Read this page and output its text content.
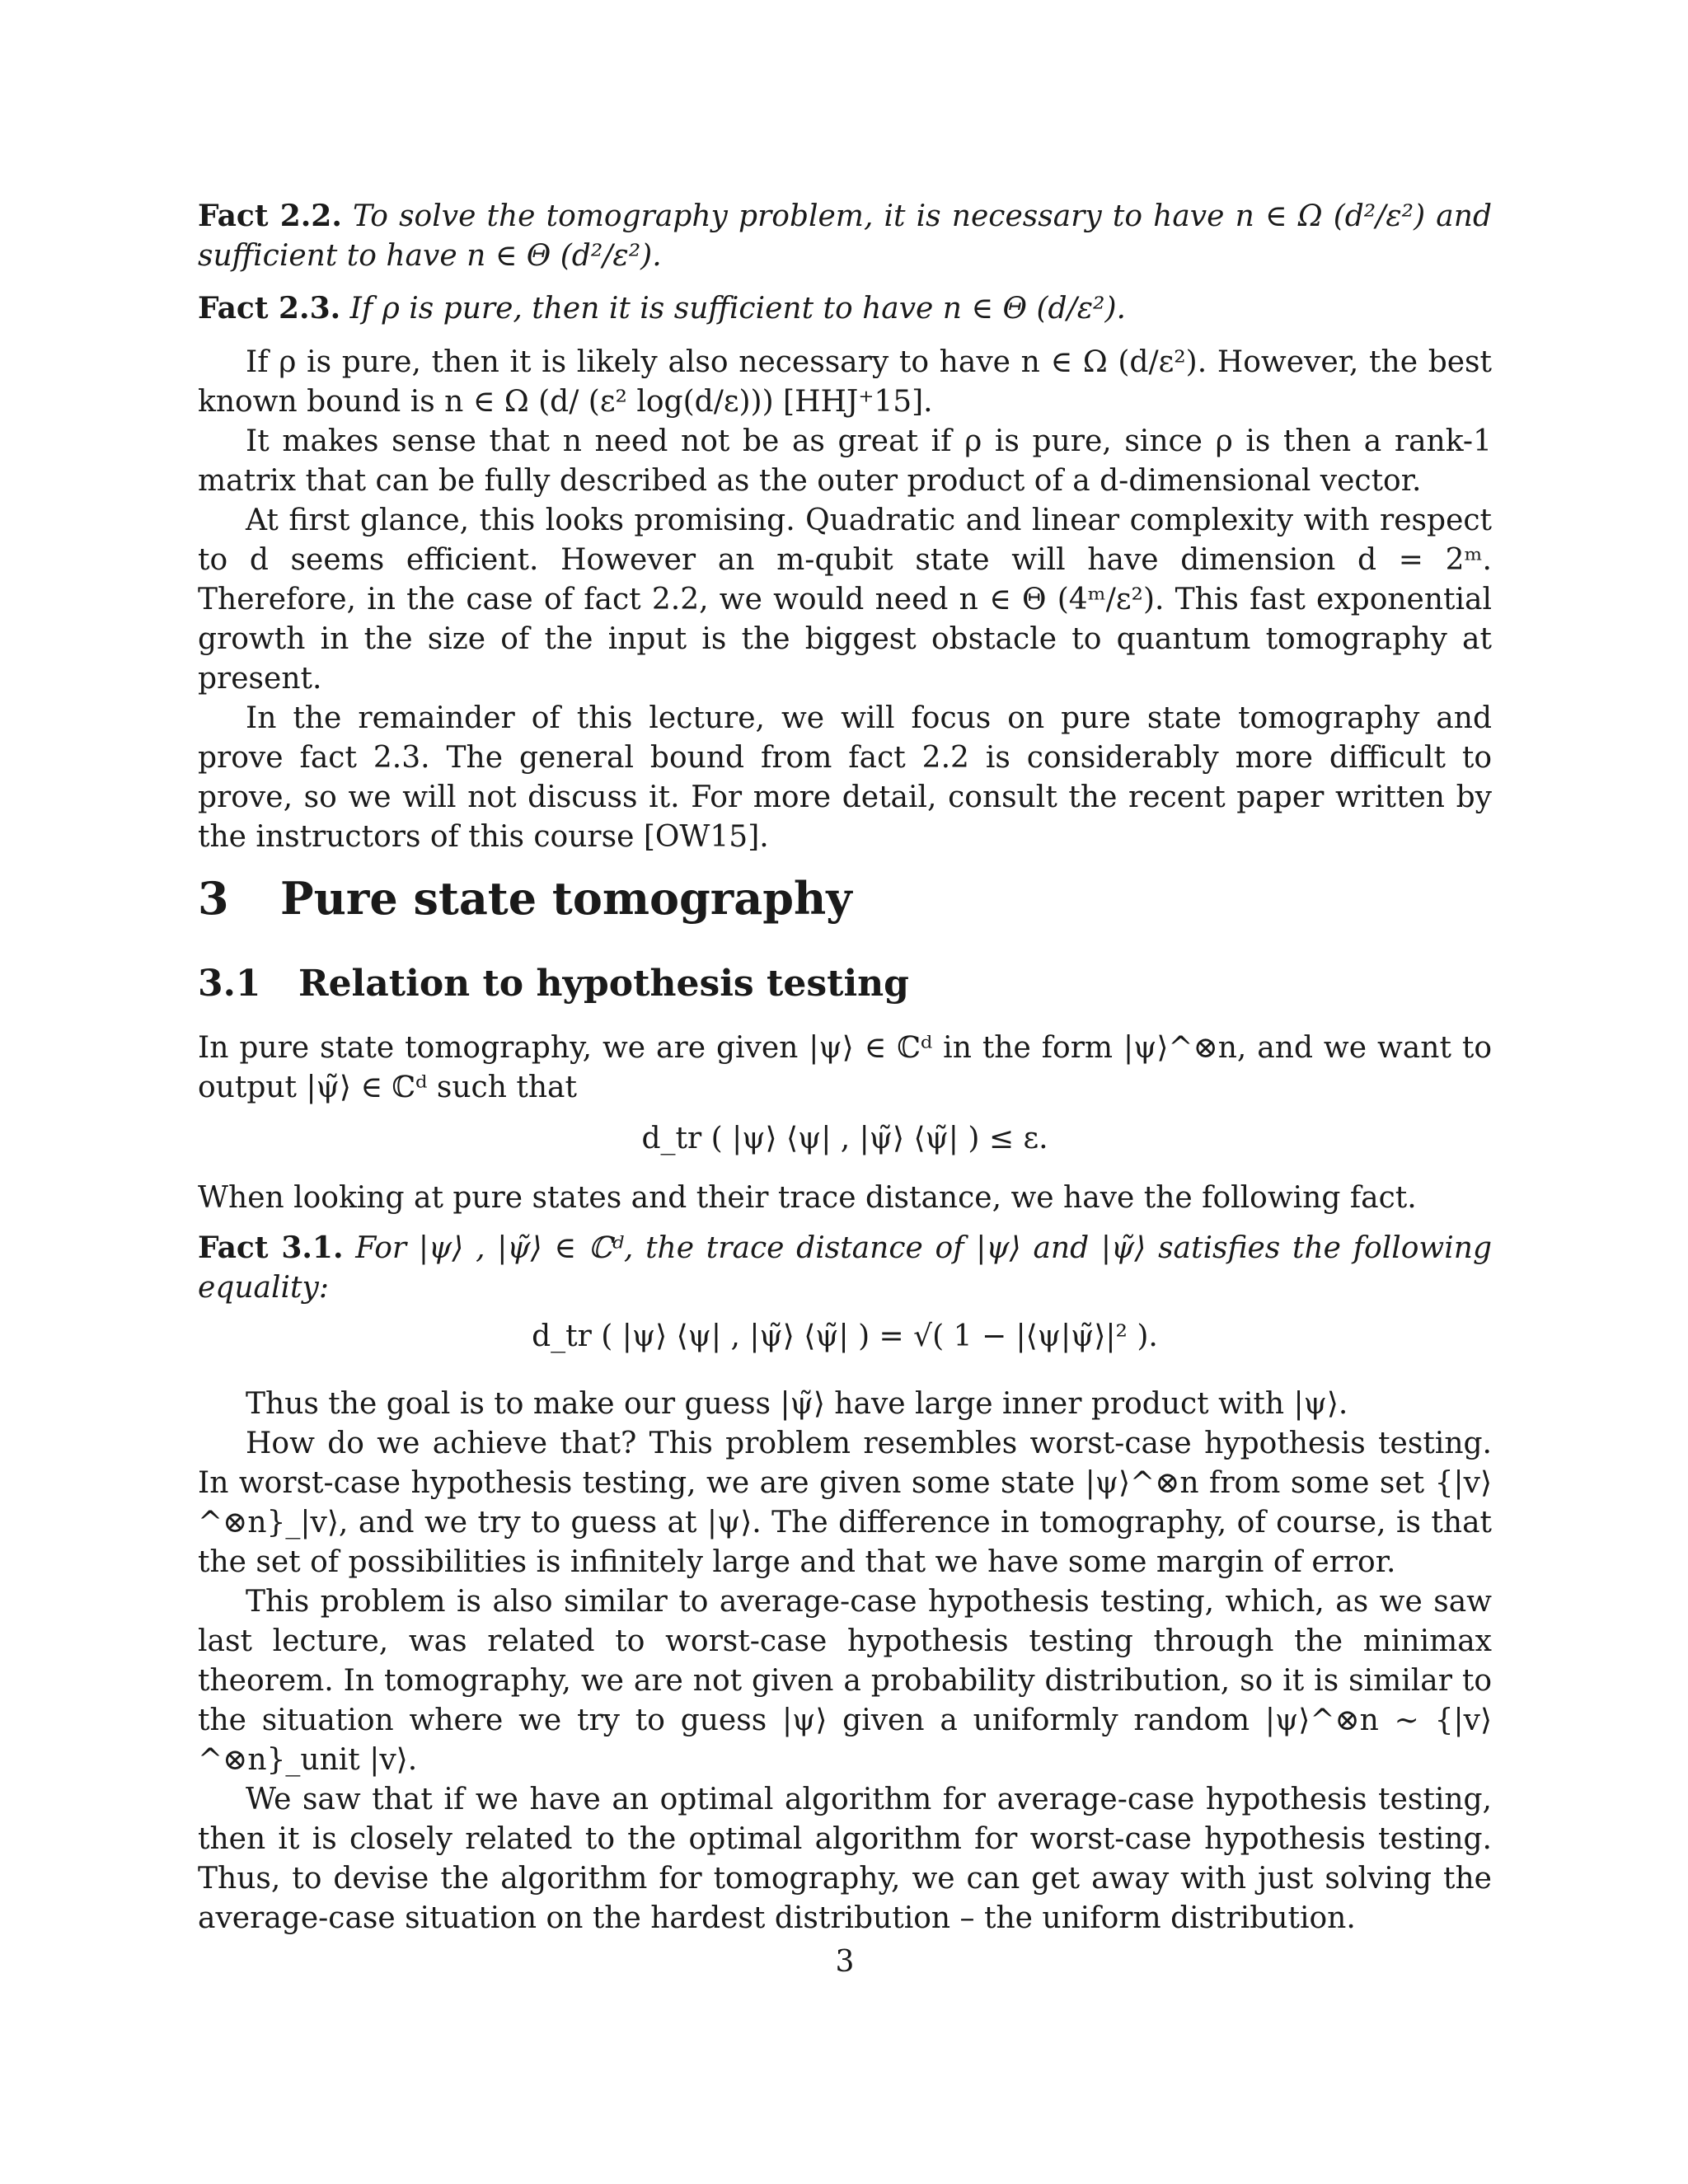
Fact 2.2. To solve the tomography problem, it is necessary to have n ∈ Ω (d²/ε²) and sufficient to have n ∈ Θ (d²/ε²).

Fact 2.3. If ρ is pure, then it is sufficient to have n ∈ Θ (d/ε²).

If ρ is pure, then it is likely also necessary to have n ∈ Ω (d/ε²). However, the best known bound is n ∈ Ω (d/ (ε² log(d/ε))) [HHJ⁺15].

It makes sense that n need not be as great if ρ is pure, since ρ is then a rank-1 matrix that can be fully described as the outer product of a d-dimensional vector.

At first glance, this looks promising. Quadratic and linear complexity with respect to d seems efficient. However an m-qubit state will have dimension d = 2ᵐ. Therefore, in the case of fact 2.2, we would need n ∈ Θ (4ᵐ/ε²). This fast exponential growth in the size of the input is the biggest obstacle to quantum tomography at present.

In the remainder of this lecture, we will focus on pure state tomography and prove fact 2.3. The general bound from fact 2.2 is considerably more difficult to prove, so we will not discuss it. For more detail, consult the recent paper written by the instructors of this course [OW15].

3 Pure state tomography
3.1 Relation to hypothesis testing

In pure state tomography, we are given |ψ⟩ ∈ ℂᵈ in the form |ψ⟩^⊗n, and we want to output |ψ̃⟩ ∈ ℂᵈ such that

d_tr ( |ψ⟩ ⟨ψ| , |ψ̃⟩ ⟨ψ̃| ) ≤ ε.

When looking at pure states and their trace distance, we have the following fact.

Fact 3.1. For |ψ⟩ , |ψ̃⟩ ∈ ℂᵈ, the trace distance of |ψ⟩ and |ψ̃⟩ satisfies the following equality:

d_tr ( |ψ⟩ ⟨ψ| , |ψ̃⟩ ⟨ψ̃| ) = √( 1 − |⟨ψ|ψ̃⟩|² ).

Thus the goal is to make our guess |ψ̃⟩ have large inner product with |ψ⟩.

How do we achieve that? This problem resembles worst-case hypothesis testing. In worst-case hypothesis testing, we are given some state |ψ⟩^⊗n from some set {|v⟩^⊗n}_|v⟩, and we try to guess at |ψ⟩. The difference in tomography, of course, is that the set of possibilities is infinitely large and that we have some margin of error.

This problem is also similar to average-case hypothesis testing, which, as we saw last lecture, was related to worst-case hypothesis testing through the minimax theorem. In tomography, we are not given a probability distribution, so it is similar to the situation where we try to guess |ψ⟩ given a uniformly random |ψ⟩^⊗n ∼ {|v⟩^⊗n}_unit |v⟩.

We saw that if we have an optimal algorithm for average-case hypothesis testing, then it is closely related to the optimal algorithm for worst-case hypothesis testing. Thus, to devise the algorithm for tomography, we can get away with just solving the average-case situation on the hardest distribution – the uniform distribution.

3
